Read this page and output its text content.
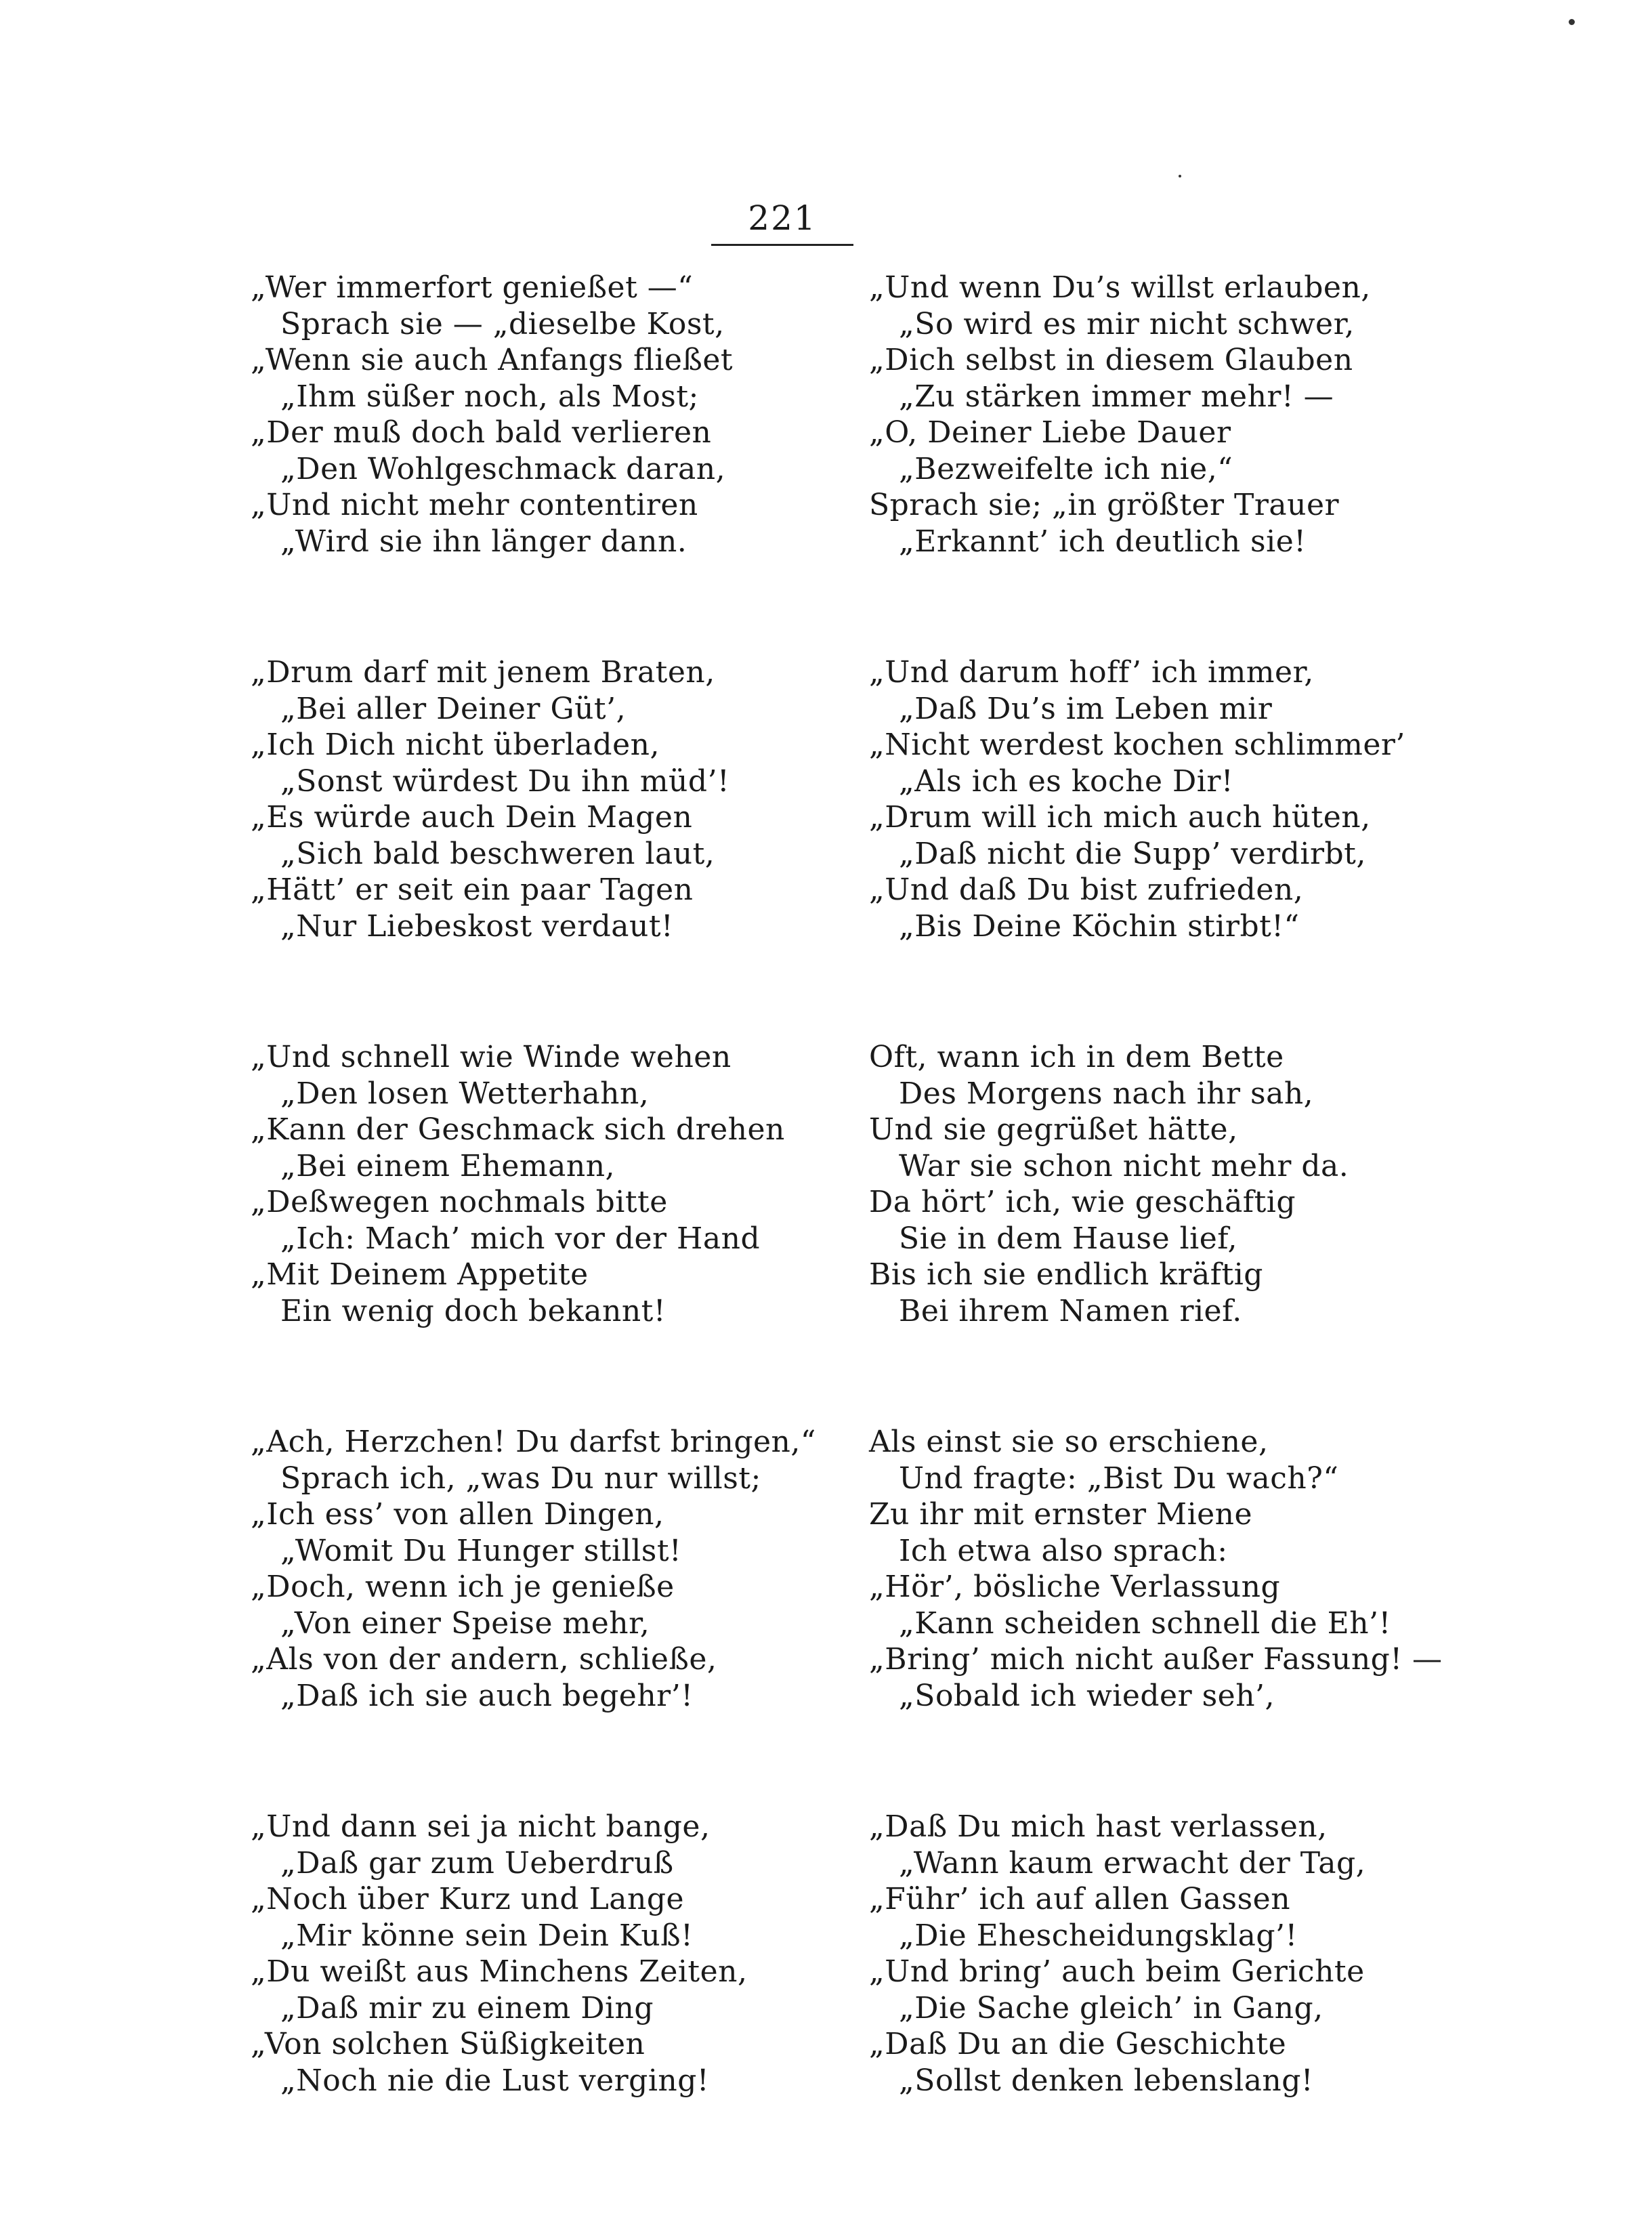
221
„Wer immerfort genießet —“
Sprach sie — „dieselbe Kost,
„Wenn sie auch Anfangs fließet
„Ihm süßer noch, als Most;
„Der muß doch bald verlieren
„Den Wohlgeschmack daran,
„Und nicht mehr contentiren
„Wird sie ihn länger dann.
„Drum darf mit jenem Braten,
„Bei aller Deiner Güt’,
„Ich Dich nicht überladen,
„Sonst würdest Du ihn müd’!
„Es würde auch Dein Magen
„Sich bald beschweren laut,
„Hätt’ er seit ein paar Tagen
„Nur Liebeskost verdaut!
„Und schnell wie Winde wehen
„Den losen Wetterhahn,
„Kann der Geschmack sich drehen
„Bei einem Ehemann,
„Deßwegen nochmals bitte
„Ich: Mach’ mich vor der Hand
„Mit Deinem Appetite
Ein wenig doch bekannt!
„Ach, Herzchen! Du darfst bringen,“
Sprach ich, „was Du nur willst;
„Ich ess’ von allen Dingen,
„Womit Du Hunger stillst!
„Doch, wenn ich je genieße
„Von einer Speise mehr,
„Als von der andern, schließe,
„Daß ich sie auch begehr’!
„Und dann sei ja nicht bange,
„Daß gar zum Ueberdruß
„Noch über Kurz und Lange
„Mir könne sein Dein Kuß!
„Du weißt aus Minchens Zeiten,
„Daß mir zu einem Ding
„Von solchen Süßigkeiten
„Noch nie die Lust verging!
„Und wenn Du’s willst erlauben,
„So wird es mir nicht schwer,
„Dich selbst in diesem Glauben
„Zu stärken immer mehr! —
„O, Deiner Liebe Dauer
„Bezweifelte ich nie,“
Sprach sie; „in größter Trauer
„Erkannt’ ich deutlich sie!
„Und darum hoff’ ich immer,
„Daß Du’s im Leben mir
„Nicht werdest kochen schlimmer’
„Als ich es koche Dir!
„Drum will ich mich auch hüten,
„Daß nicht die Supp’ verdirbt,
„Und daß Du bist zufrieden,
„Bis Deine Köchin stirbt!“
Oft, wann ich in dem Bette
Des Morgens nach ihr sah,
Und sie gegrüßet hätte,
War sie schon nicht mehr da.
Da hört’ ich, wie geschäftig
Sie in dem Hause lief,
Bis ich sie endlich kräftig
Bei ihrem Namen rief.
Als einst sie so erschiene,
Und fragte: „Bist Du wach?“
Zu ihr mit ernster Miene
Ich etwa also sprach:
„Hör’, bösliche Verlassung
„Kann scheiden schnell die Eh’!
„Bring’ mich nicht außer Fassung! —
„Sobald ich wieder seh’,
„Daß Du mich hast verlassen,
„Wann kaum erwacht der Tag,
„Führ’ ich auf allen Gassen
„Die Ehescheidungsklag’!
„Und bring’ auch beim Gerichte
„Die Sache gleich’ in Gang,
„Daß Du an die Geschichte
„Sollst denken lebenslang!
